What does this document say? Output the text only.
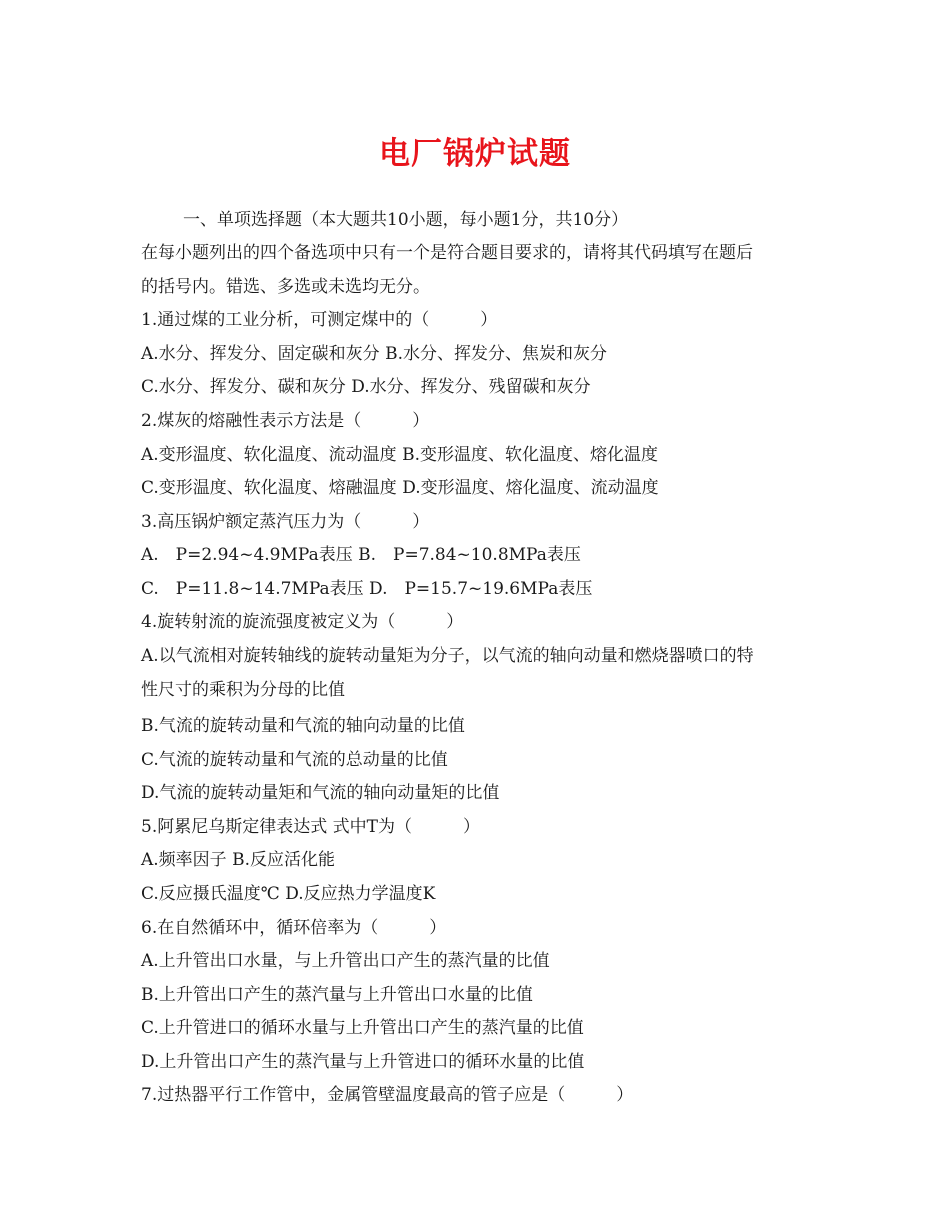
电厂锅炉试题
一、单项选择题（本大题共10小题，每小题1分，共10分）
在每小题列出的四个备选项中只有一个是符合题目要求的，请将其代码填写在题后
的括号内。错选、多选或未选均无分。
1.通过煤的工业分析，可测定煤中的（　　　）
A.水分、挥发分、固定碳和灰分 B.水分、挥发分、焦炭和灰分
C.水分、挥发分、碳和灰分 D.水分、挥发分、残留碳和灰分
2.煤灰的熔融性表示方法是（　　　）
A.变形温度、软化温度、流动温度 B.变形温度、软化温度、熔化温度
C.变形温度、软化温度、熔融温度 D.变形温度、熔化温度、流动温度
3.高压锅炉额定蒸汽压力为（　　　）
A.　P=2.94~4.9MPa表压 B.　P=7.84~10.8MPa表压
C.　P=11.8~14.7MPa表压 D.　P=15.7~19.6MPa表压
4.旋转射流的旋流强度被定义为（　　　）
A.以气流相对旋转轴线的旋转动量矩为分子，以气流的轴向动量和燃烧器喷口的特
性尺寸的乘积为分母的比值
B.气流的旋转动量和气流的轴向动量的比值
C.气流的旋转动量和气流的总动量的比值
D.气流的旋转动量矩和气流的轴向动量矩的比值
5.阿累尼乌斯定律表达式 式中T为（　　　）
A.频率因子 B.反应活化能
C.反应摄氏温度℃ D.反应热力学温度K
6.在自然循环中，循环倍率为（　　　）
A.上升管出口水量，与上升管出口产生的蒸汽量的比值
B.上升管出口产生的蒸汽量与上升管出口水量的比值
C.上升管进口的循环水量与上升管出口产生的蒸汽量的比值
D.上升管出口产生的蒸汽量与上升管进口的循环水量的比值
7.过热器平行工作管中，金属管壁温度最高的管子应是（　　　）
